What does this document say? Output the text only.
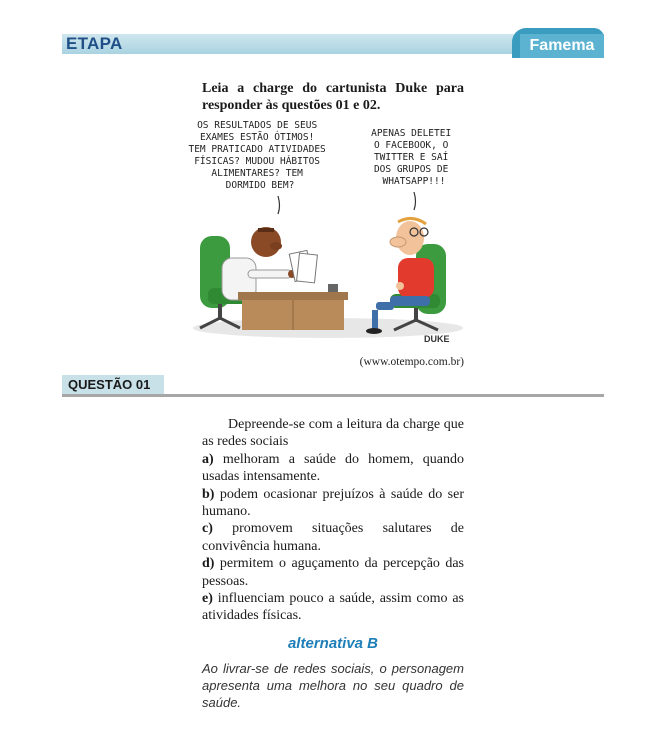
ETAPA	Famema

Leia a charge do cartunista Duke para responder às questões 01 e 02.

OS RESULTADOS DE SEUS EXAMES ESTÃO ÓTIMOS! TEM PRATICADO ATIVIDADES FÍSICAS? MUDOU HÁBITOS ALIMENTARES? TEM DORMIDO BEM?
APENAS DELETEI O FACEBOOK, O TWITTER E SAÍ DOS GRUPOS DE WHATSAPP!!!
DUKE
(www.otempo.com.br)
QUESTÃO 01

Depreende-se com a leitura da charge que as redes sociais

a) melhoram a saúde do homem, quando usadas intensamente.

b) podem ocasionar prejuízos à saúde do ser humano.

c) promovem situações salutares de convivência humana.

d) permitem o aguçamento da percepção das pessoas.

e) influenciam pouco a saúde, assim como as atividades físicas.

alternativa B

Ao livrar-se de redes sociais, o personagem apresenta uma melhora no seu quadro de saúde.
